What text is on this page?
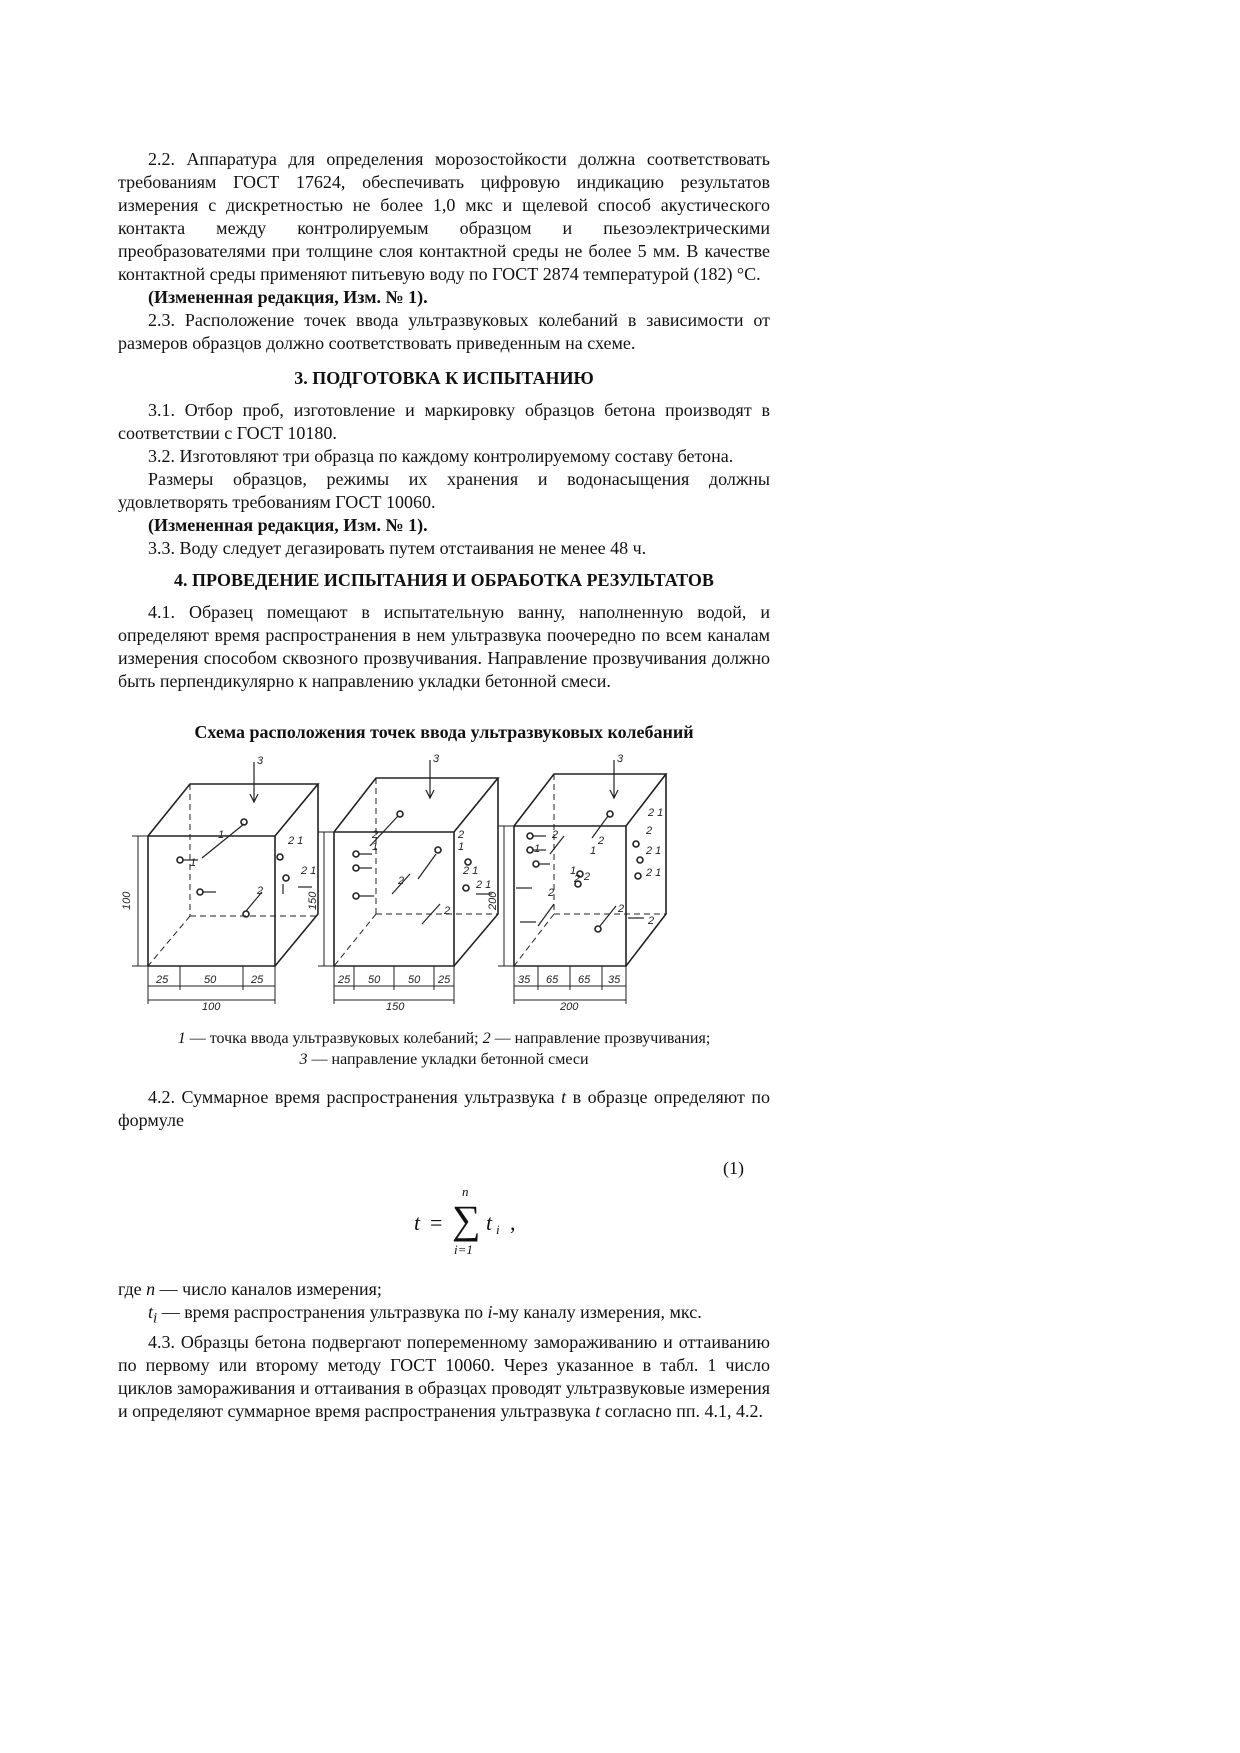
2.2. Аппаратура для определения морозостойкости должна соответствовать требованиям ГОСТ 17624, обеспечивать цифровую индикацию результатов измерения с дискретностью не более 1,0 мкс и щелевой способ акустического контакта между контролируемым образцом и пьезоэлектрическими преобразователями при толщине слоя контактной среды не более 5 мм. В качестве контактной среды применяют питьевую воду по ГОСТ 2874 температурой (182) °С.

(Измененная редакция, Изм. № 1).

2.3. Расположение точек ввода ультразвуковых колебаний в зависимости от размеров образцов должно соответствовать приведенным на схеме.

3. ПОДГОТОВКА К ИСПЫТАНИЮ

3.1. Отбор проб, изготовление и маркировку образцов бетона производят в соответствии с ГОСТ 10180.

3.2. Изготовляют три образца по каждому контролируемому составу бетона.

Размеры образцов, режимы их хранения и водонасыщения должны удовлетворять требованиям ГОСТ 10060.

(Измененная редакция, Изм. № 1).

3.3. Воду следует дегазировать путем отстаивания не менее 48 ч.

4. ПРОВЕДЕНИЕ ИСПЫТАНИЯ И ОБРАБОТКА РЕЗУЛЬТАТОВ

4.1. Образец помещают в испытательную ванну, наполненную водой, и определяют время распространения в нем ультразвука поочередно по всем каналам измерения способом сквозного прозвучивания. Направление прозвучивания должно быть перпендикулярно к направлению укладки бетонной смеси.

Схема расположения точек ввода ультразвуковых колебаний

3
1
1
2
2 1
2 1
100
25	50	25
100
3
2
1
2
2
2
1
2 1
2 1
150
25 50	50 25
150
3
2
1
2
1
1
2 2
2
2
2 1
2
2 1
2 1
2
200
35 65 65 35
200
1 — точка ввода ультразвуковых колебаний; 2 — направление прозвучивания;
3 — направление укладки бетонной смеси

4.2. Суммарное время распространения ультразвука t в образце определяют по формуле

(1)
t =
n
∑
i=1
t i ,

где n — число каналов измерения;

$t_i$ — время распространения ультразвука по i-му каналу измерения, мкс.

4.3. Образцы бетона подвергают попеременному замораживанию и оттаиванию по первому или второму методу ГОСТ 10060. Через указанное в табл. 1 число циклов замораживания и оттаивания в образцах проводят ультразвуковые измерения и определяют суммарное время распространения ультразвука t согласно пп. 4.1, 4.2.
